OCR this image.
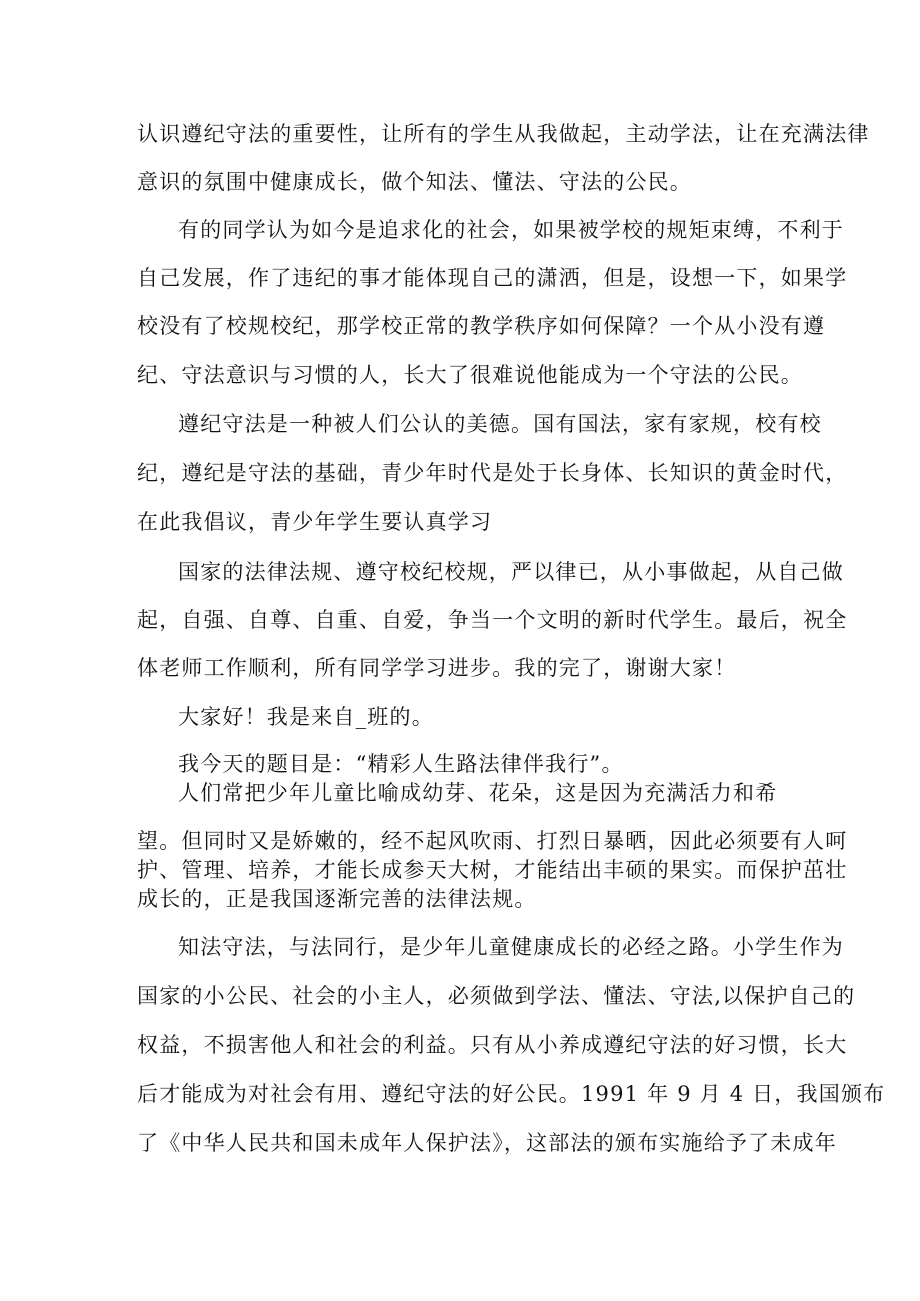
认识遵纪守法的重要性，让所有的学生从我做起，主动学法，让在充满法律
意识的氛围中健康成长，做个知法、懂法、守法的公民。
有的同学认为如今是追求化的社会，如果被学校的规矩束缚，不利于
自己发展，作了违纪的事才能体现自己的潇洒，但是，设想一下，如果学
校没有了校规校纪，那学校正常的教学秩序如何保障？一个从小没有遵
纪、守法意识与习惯的人，长大了很难说他能成为一个守法的公民。
遵纪守法是一种被人们公认的美德。国有国法，家有家规，校有校
纪，遵纪是守法的基础，青少年时代是处于长身体、长知识的黄金时代，
在此我倡议，青少年学生要认真学习
国家的法律法规、遵守校纪校规，严以律已，从小事做起，从自己做
起，自强、自尊、自重、自爱，争当一个文明的新时代学生。最后，祝全
体老师工作顺利，所有同学学习进步。我的完了，谢谢大家！
大家好！我是来自_班的。
我今天的题目是：“精彩人生路法律伴我行”。
人们常把少年儿童比喻成幼芽、花朵，这是因为充满活力和希
望。但同时又是娇嫩的，经不起风吹雨、打烈日暴晒，因此必须要有人呵
护、管理、培养，才能长成参天大树，才能结出丰硕的果实。而保护茁壮
成长的，正是我国逐渐完善的法律法规。
知法守法，与法同行，是少年儿童健康成长的必经之路。小学生作为
国家的小公民、社会的小主人，必须做到学法、懂法、守法,以保护自己的
权益，不损害他人和社会的利益。只有从小养成遵纪守法的好习惯，长大
后才能成为对社会有用、遵纪守法的好公民。1991 年 9 月 4 日，我国颁布
了《中华人民共和国未成年人保护法》，这部法的颁布实施给予了未成年
